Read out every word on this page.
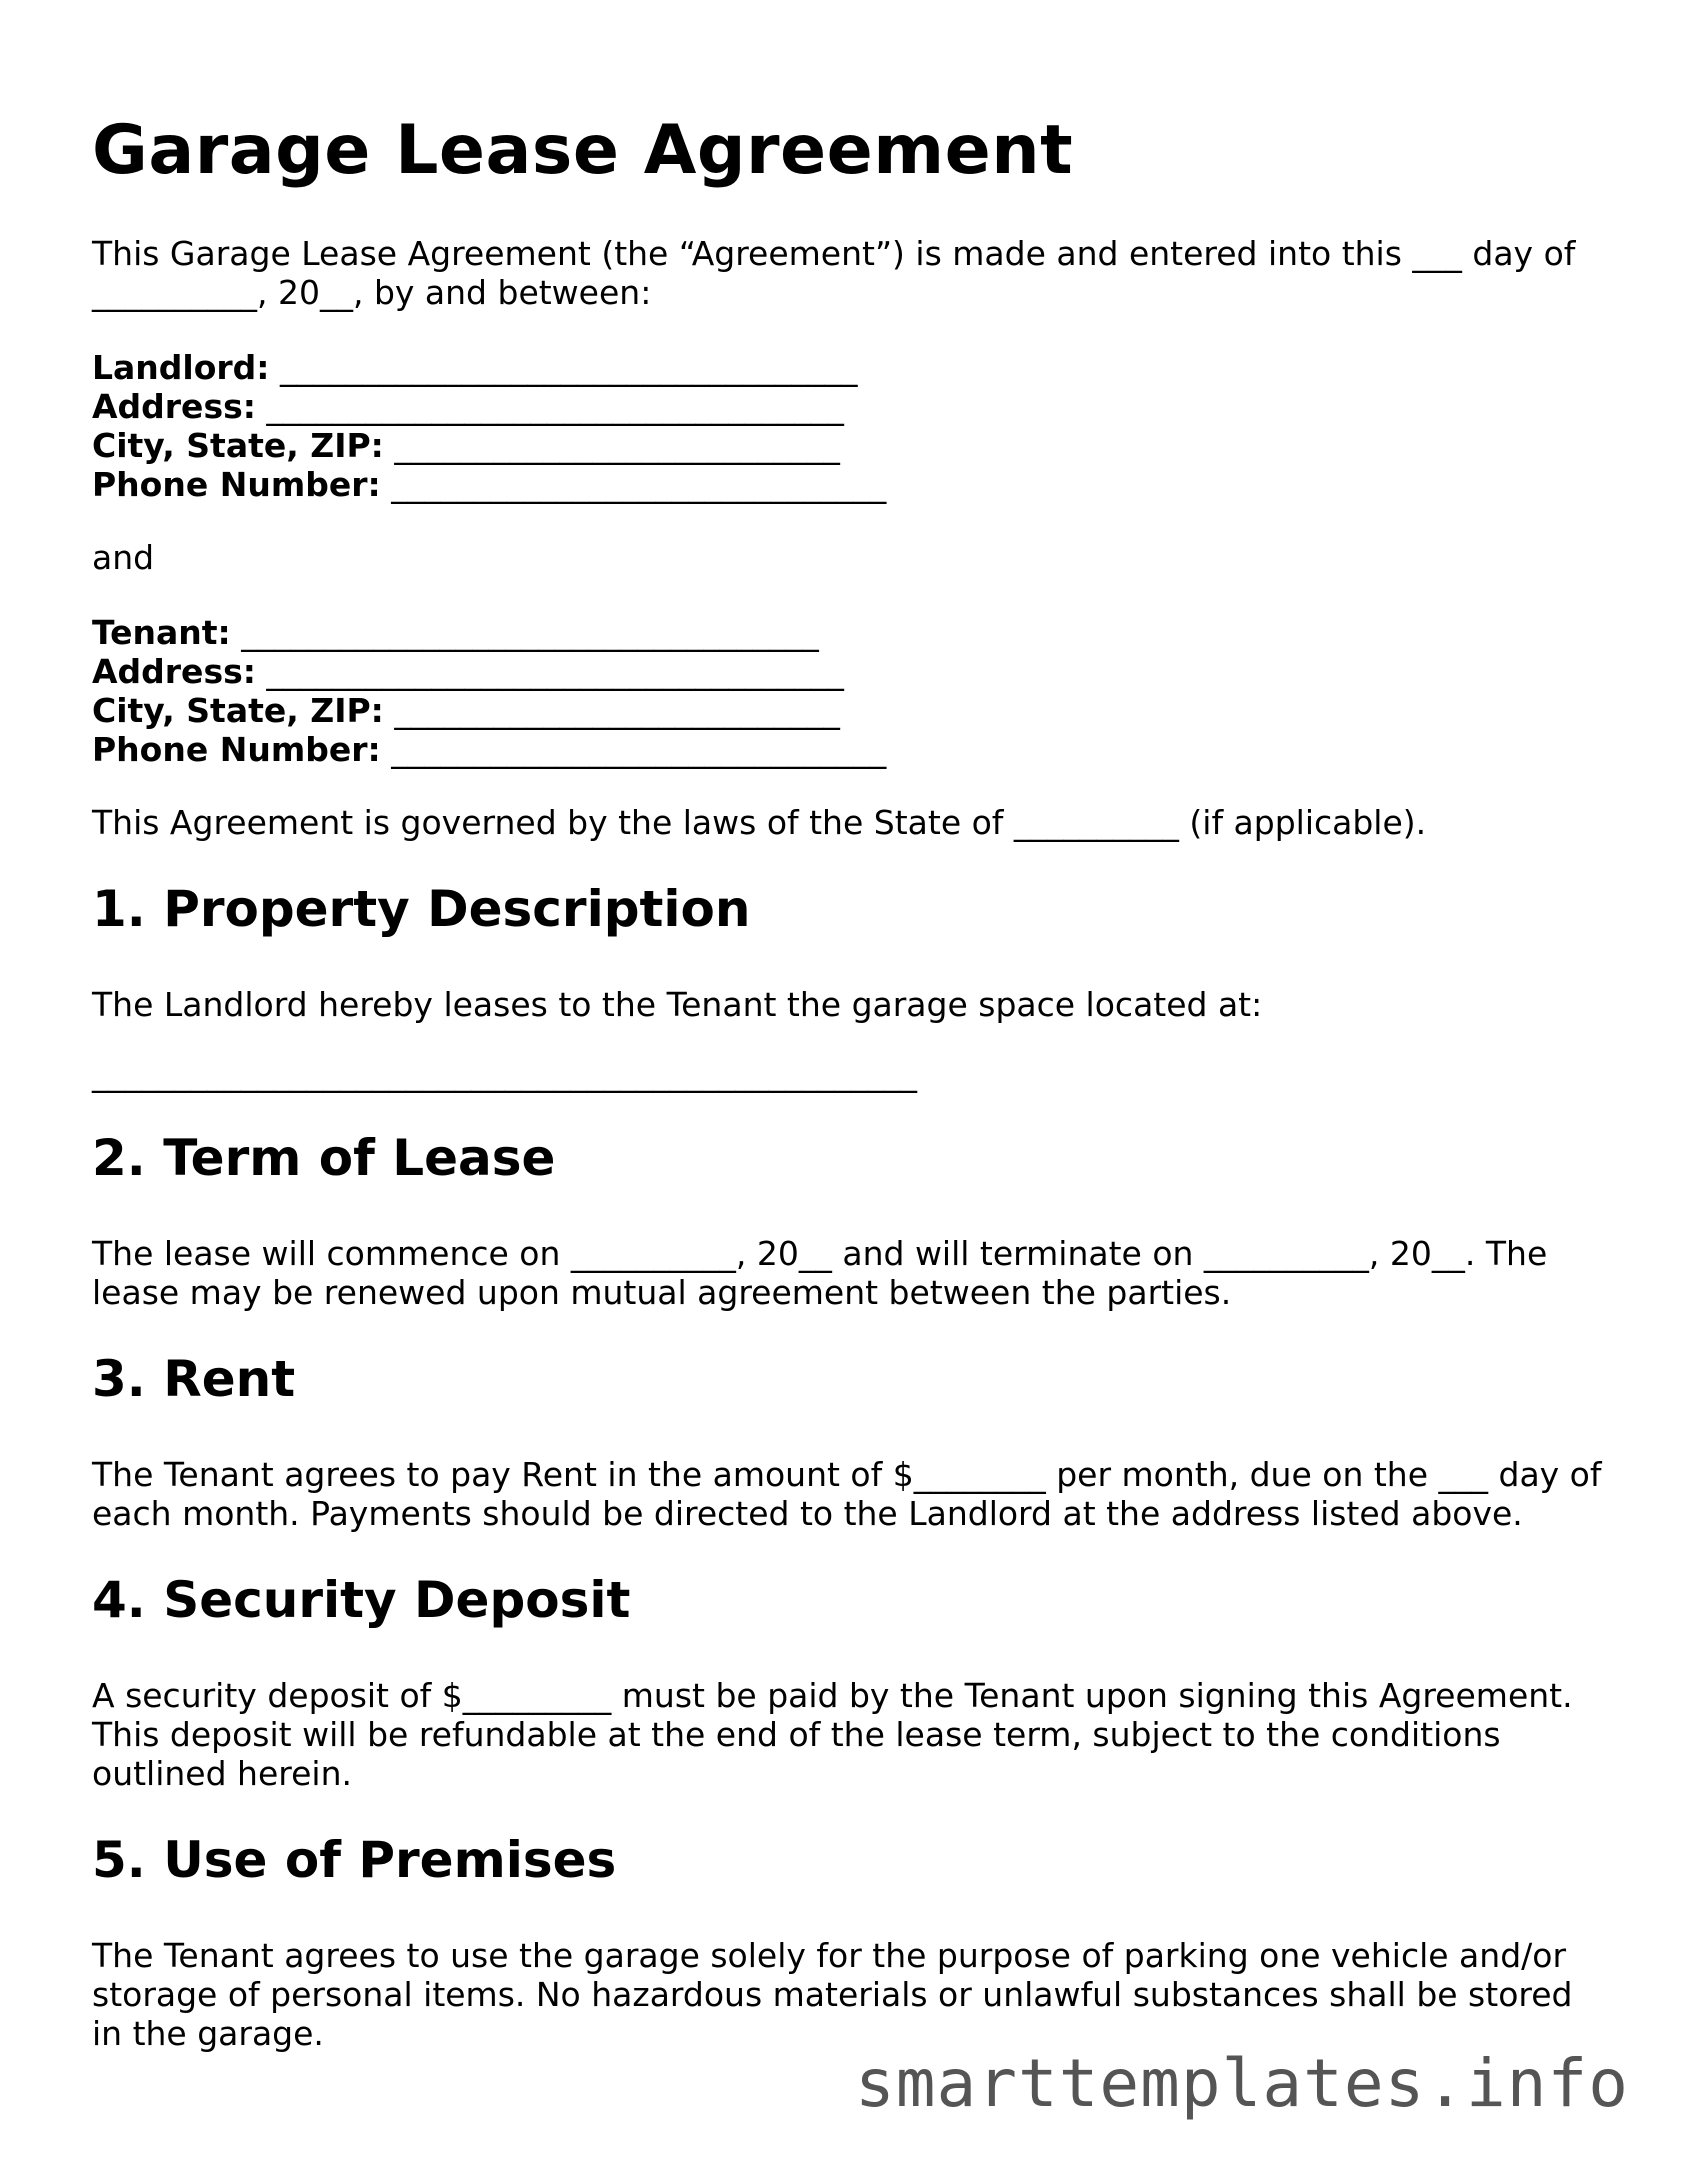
Garage Lease Agreement

This Garage Lease Agreement (the “Agreement”) is made and entered into this ___ day of __________, 20__, by and between:

Landlord: ___________________________________

Address: ___________________________________

City, State, ZIP: ___________________________

Phone Number: ______________________________

and

Tenant: ___________________________________

Address: ___________________________________

City, State, ZIP: ___________________________

Phone Number: ______________________________

This Agreement is governed by the laws of the State of __________ (if applicable).

1. Property Description

The Landlord hereby leases to the Tenant the garage space located at:

__________________________________________________

2. Term of Lease

The lease will commence on __________, 20__ and will terminate on __________, 20__. The lease may be renewed upon mutual agreement between the parties.

3. Rent

The Tenant agrees to pay Rent in the amount of $________ per month, due on the ___ day of each month. Payments should be directed to the Landlord at the address listed above.

4. Security Deposit

A security deposit of $_________ must be paid by the Tenant upon signing this Agreement. This deposit will be refundable at the end of the lease term, subject to the conditions outlined herein.

5. Use of Premises

The Tenant agrees to use the garage solely for the purpose of parking one vehicle and/or storage of personal items. No hazardous materials or unlawful substances shall be stored in the garage.

smarttemplates.info
